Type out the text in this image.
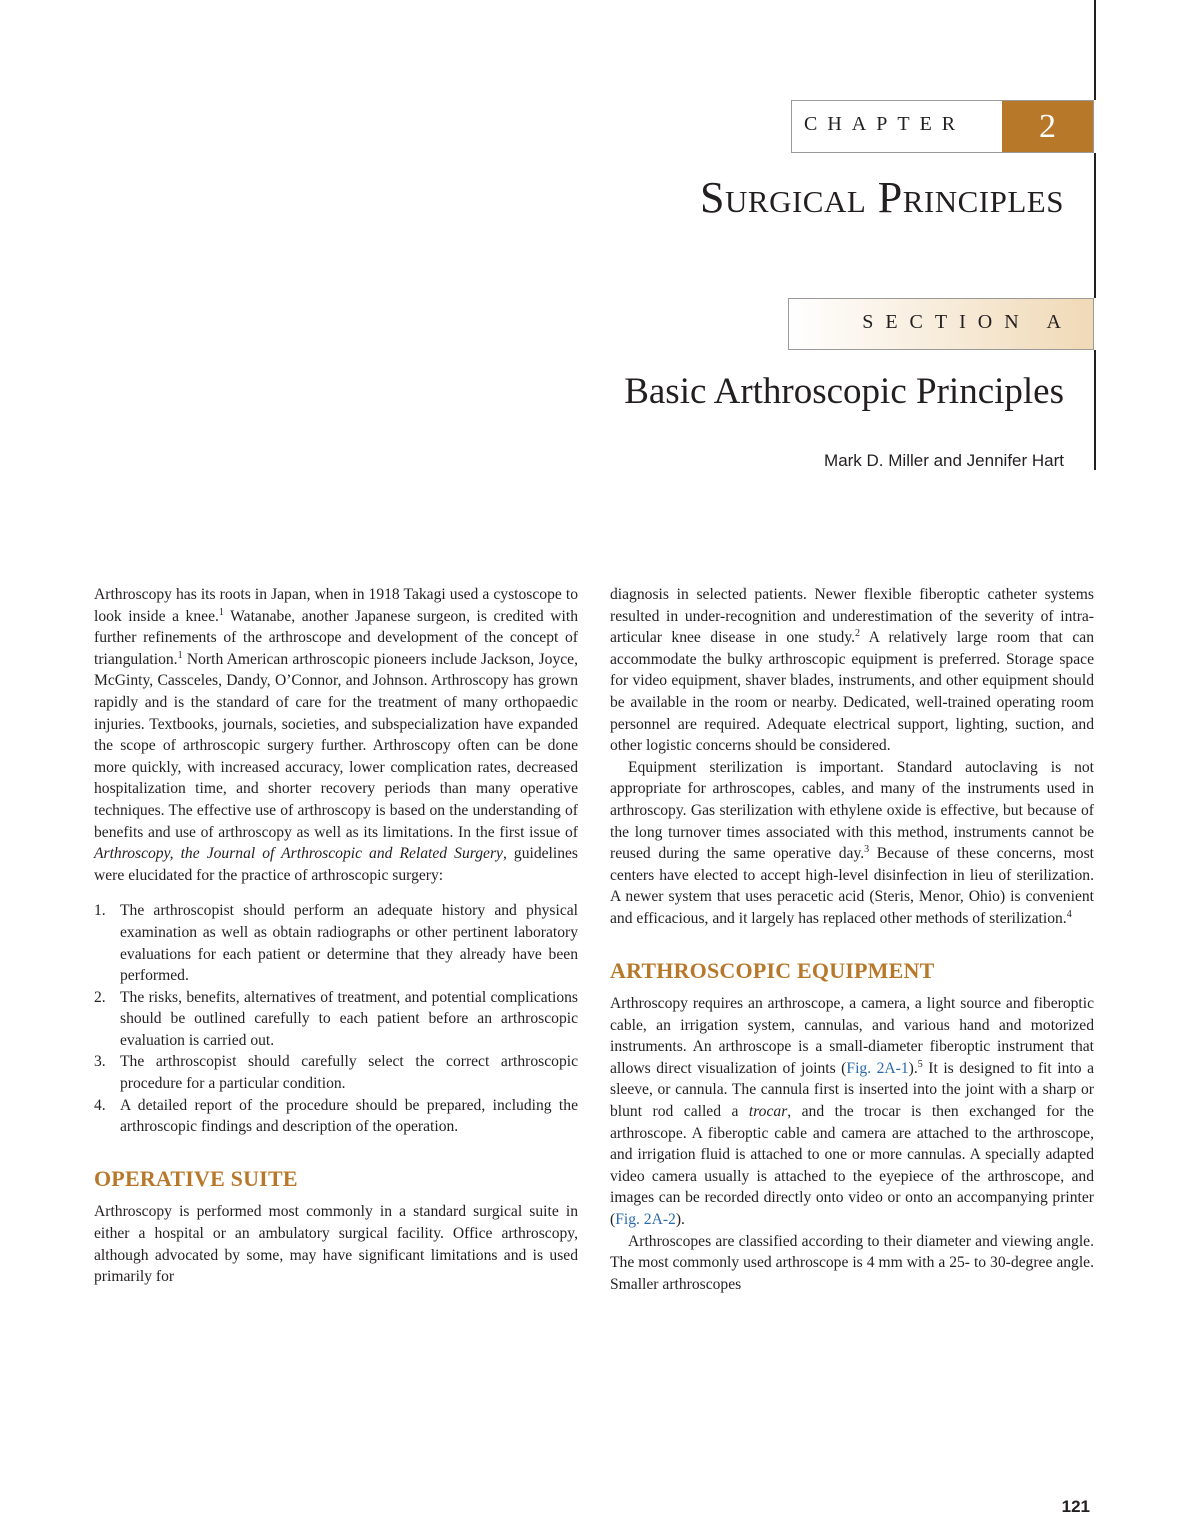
CHAPTER	2
Surgical Principles
SECTION A
Basic Arthroscopic Principles
Mark D. Miller and Jennifer Hart

Arthroscopy has its roots in Japan, when in 1918 Takagi used a cystoscope to look inside a knee.$^1$ Watanabe, another Japanese surgeon, is credited with further refinements of the arthroscope and development of the concept of triangulation.$^1$ North American arthroscopic pioneers include Jackson, Joyce, McGinty, Cassceles, Dandy, O’Connor, and Johnson. Arthroscopy has grown rapidly and is the standard of care for the treatment of many orthopaedic injuries. Textbooks, journals, societies, and subspecialization have expanded the scope of arthroscopic surgery further. Arthroscopy often can be done more quickly, with increased accuracy, lower complication rates, decreased hospitalization time, and shorter recovery periods than many operative techniques. The effective use of arthroscopy is based on the understanding of benefits and use of arthroscopy as well as its limitations. In the first issue of Arthroscopy, the Journal of Arthroscopic and Related Surgery, guidelines were elucidated for the practice of arthroscopic surgery:

1. The arthroscopist should perform an adequate history and physical examination as well as obtain radiographs or other pertinent laboratory evaluations for each patient or determine that they already have been performed.
2. The risks, benefits, alternatives of treatment, and potential complications should be outlined carefully to each patient before an arthroscopic evaluation is carried out.
3. The arthroscopist should carefully select the correct arthroscopic procedure for a particular condition.
4. A detailed report of the procedure should be prepared, including the arthroscopic findings and description of the operation.
OPERATIVE SUITE

Arthroscopy is performed most commonly in a standard surgical suite in either a hospital or an ambulatory surgical facility. Office arthroscopy, although advocated by some, may have significant limitations and is used primarily for

diagnosis in selected patients. Newer flexible fiberoptic catheter systems resulted in under-recognition and underestimation of the severity of intra-articular knee disease in one study.$^2$ A relatively large room that can accommodate the bulky arthroscopic equipment is preferred. Storage space for video equipment, shaver blades, instruments, and other equipment should be available in the room or nearby. Dedicated, well-trained operating room personnel are required. Adequate electrical support, lighting, suction, and other logistic concerns should be considered.

Equipment sterilization is important. Standard autoclaving is not appropriate for arthroscopes, cables, and many of the instruments used in arthroscopy. Gas sterilization with ethylene oxide is effective, but because of the long turnover times associated with this method, instruments cannot be reused during the same operative day.$^3$ Because of these concerns, most centers have elected to accept high-level disinfection in lieu of sterilization. A newer system that uses peracetic acid (Steris, Menor, Ohio) is convenient and efficacious, and it largely has replaced other methods of sterilization.$^4$

ARTHROSCOPIC EQUIPMENT

Arthroscopy requires an arthroscope, a camera, a light source and fiberoptic cable, an irrigation system, cannulas, and various hand and motorized instruments. An arthroscope is a small-diameter fiberoptic instrument that allows direct visualization of joints (Fig. 2A-1).$^5$ It is designed to fit into a sleeve, or cannula. The cannula first is inserted into the joint with a sharp or blunt rod called a trocar, and the trocar is then exchanged for the arthroscope. A fiberoptic cable and camera are attached to the arthroscope, and irrigation fluid is attached to one or more cannulas. A specially adapted video camera usually is attached to the eyepiece of the arthroscope, and images can be recorded directly onto video or onto an accompanying printer (Fig. 2A-2).

Arthroscopes are classified according to their diameter and viewing angle. The most commonly used arthroscope is 4 mm with a 25- to 30-degree angle. Smaller arthroscopes

121
